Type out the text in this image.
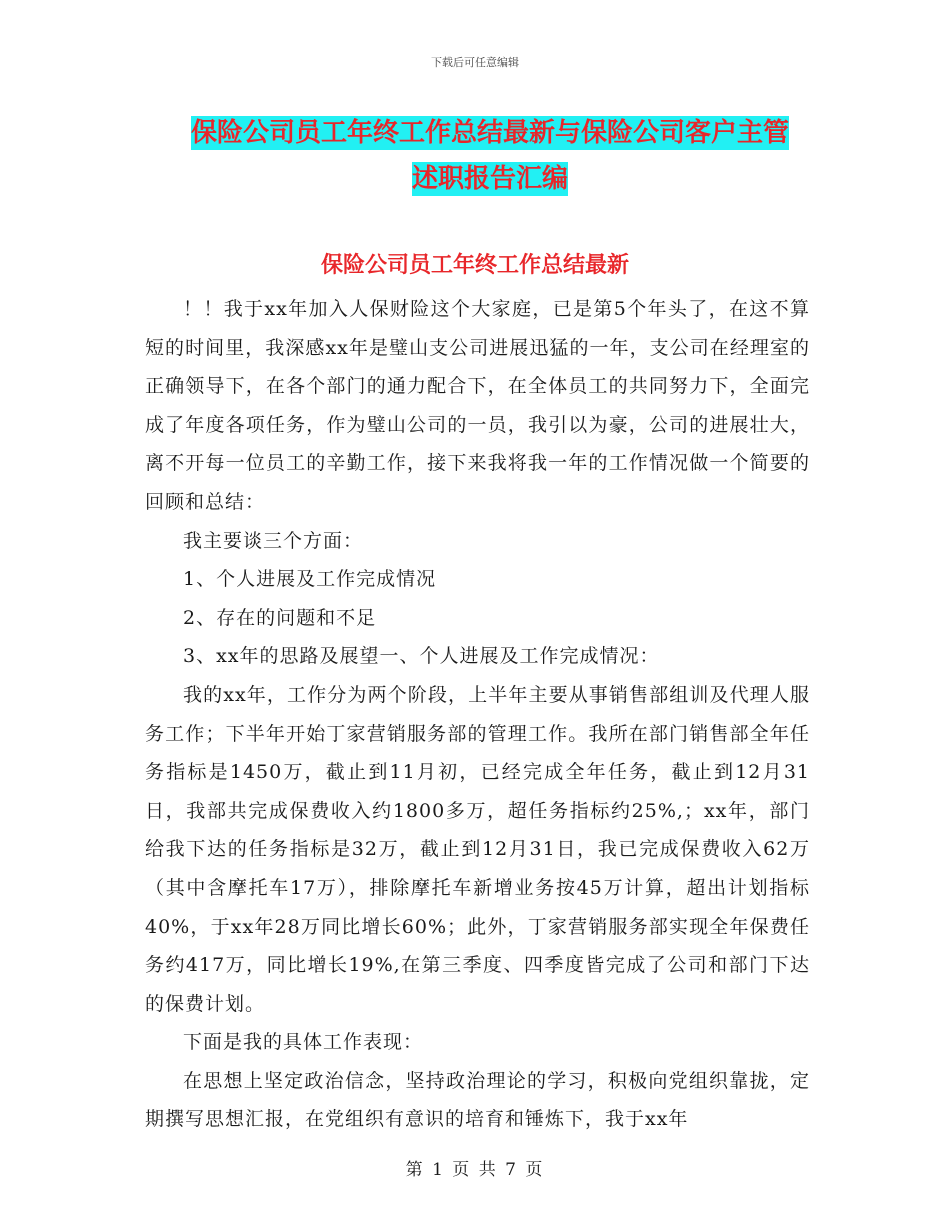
下载后可任意编辑
保险公司员工年终工作总结最新与保险公司客户主管
述职报告汇编
保险公司员工年终工作总结最新

！！我于xx年加入人保财险这个大家庭，已是第5个年头了，在这不算短的时间里，我深感xx年是璧山支公司进展迅猛的一年，支公司在经理室的正确领导下，在各个部门的通力配合下，在全体员工的共同努力下，全面完成了年度各项任务，作为璧山公司的一员，我引以为豪，公司的进展壮大，离不开每一位员工的辛勤工作，接下来我将我一年的工作情况做一个简要的回顾和总结：

我主要谈三个方面：

1、个人进展及工作完成情况

2、存在的问题和不足

3、xx年的思路及展望一、个人进展及工作完成情况：

我的xx年，工作分为两个阶段，上半年主要从事销售部组训及代理人服务工作；下半年开始丁家营销服务部的管理工作。我所在部门销售部全年任务指标是1450万，截止到11月初，已经完成全年任务，截止到12月31日，我部共完成保费收入约1800多万，超任务指标约25%,；xx年，部门给我下达的任务指标是32万，截止到12月31日，我已完成保费收入62万（其中含摩托车17万），排除摩托车新增业务按45万计算，超出计划指标40%，于xx年28万同比增长60%；此外，丁家营销服务部实现全年保费任务约417万，同比增长19%,在第三季度、四季度皆完成了公司和部门下达的保费计划。

下面是我的具体工作表现：

在思想上坚定政治信念，坚持政治理论的学习，积极向党组织靠拢，定期撰写思想汇报，在党组织有意识的培育和锤炼下，我于xx年

第 1 页 共 7 页
